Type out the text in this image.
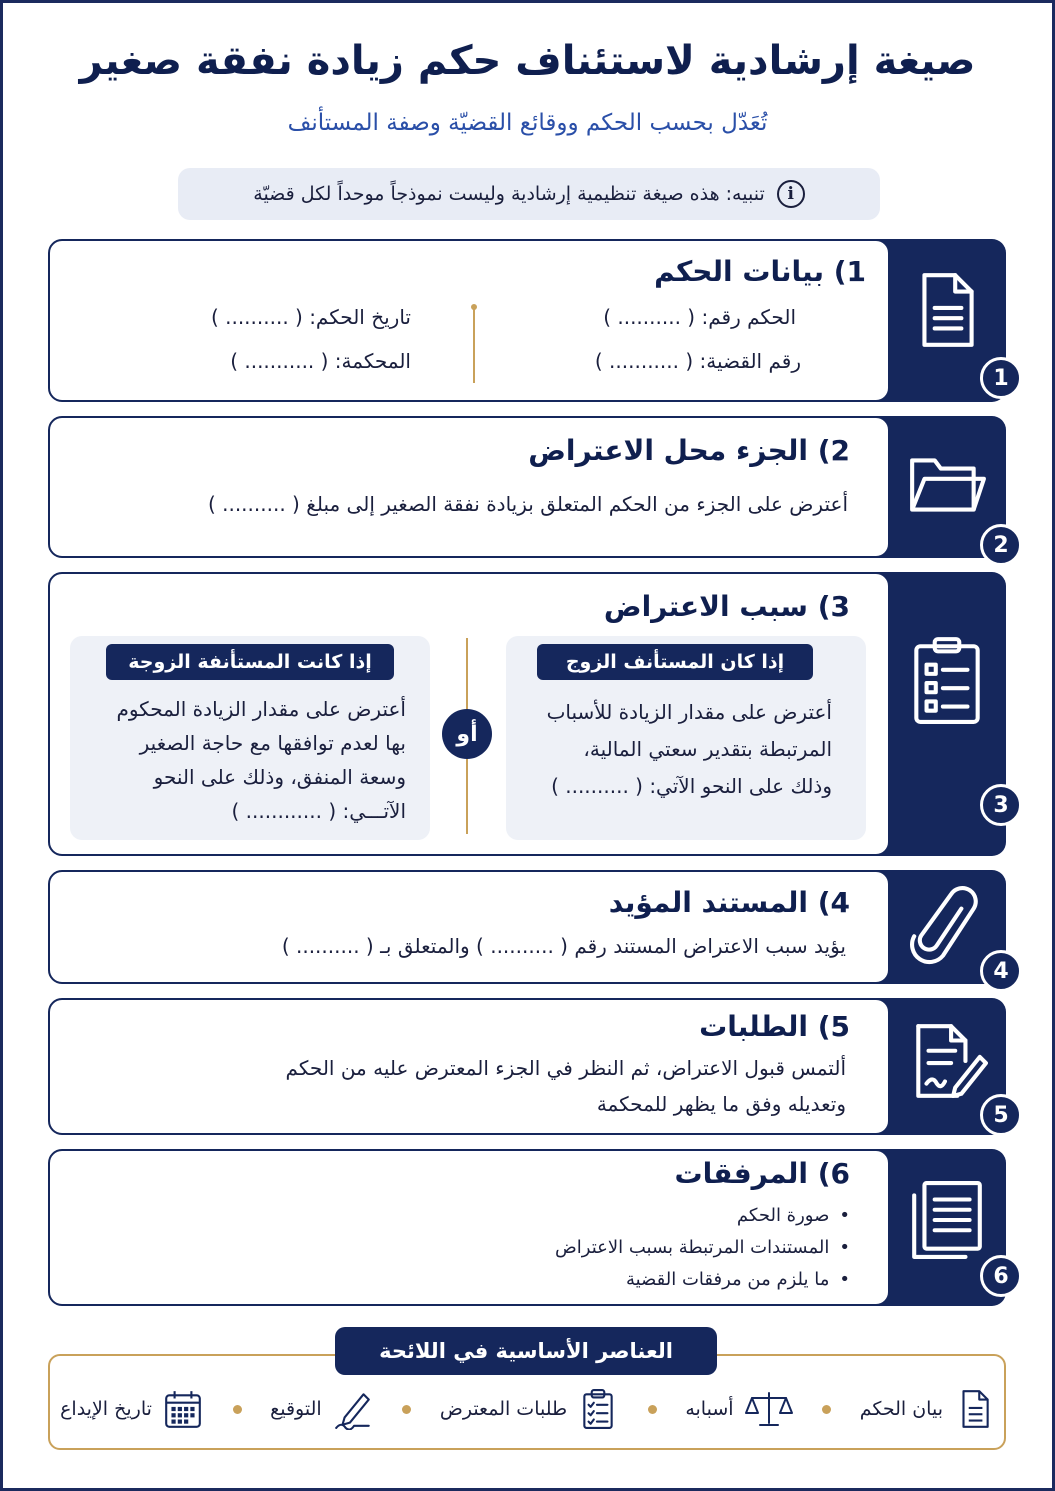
صيغة إرشادية لاستئناف حكم زيادة نفقة صغير
تُعَدّل بحسب الحكم ووقائع القضيّة وصفة المستأنف
i
تنبيه: هذه صيغة تنظيمية إرشادية وليست نموذجاً موحداً لكل قضيّة
1
1) بيانات الحكم
الحكم رقم: ( .......... )
رقم القضية: ( ........... )
تاريخ الحكم: ( .......... )
المحكمة: ( ........... )
2
2) الجزء محل الاعتراض
أعترض على الجزء من الحكم المتعلق بزيادة نفقة الصغير إلى مبلغ ( .......... )
3
3) سبب الاعتراض
إذا كان المستأنف الزوج
أعترض على مقدار الزيادة للأسباب
المرتبطة بتقدير سعتي المالية،
وذلك على النحو الآتي: ( .......... )
أو
إذا كانت المستأنفة الزوجة
أعترض على مقدار الزيادة المحكوم
بها لعدم توافقها مع حاجة الصغير
وسعة المنفق، وذلك على النحو
الآتـــي: ( ............ )
4
4) المستند المؤيد
يؤيد سبب الاعتراض المستند رقم ( .......... ) والمتعلق بـ ( .......... )
5
5) الطلبات
ألتمس قبول الاعتراض، ثم النظر في الجزء المعترض عليه من الحكم
وتعديله وفق ما يظهر للمحكمة
6
6) المرفقات
• صورة الحكم
• المستندات المرتبطة بسبب الاعتراض
• ما يلزم من مرفقات القضية
العناصر الأساسية في اللائحة
بيان الحكم
أسبابه
طلبات المعترض
التوقيع
تاريخ الإيداع
